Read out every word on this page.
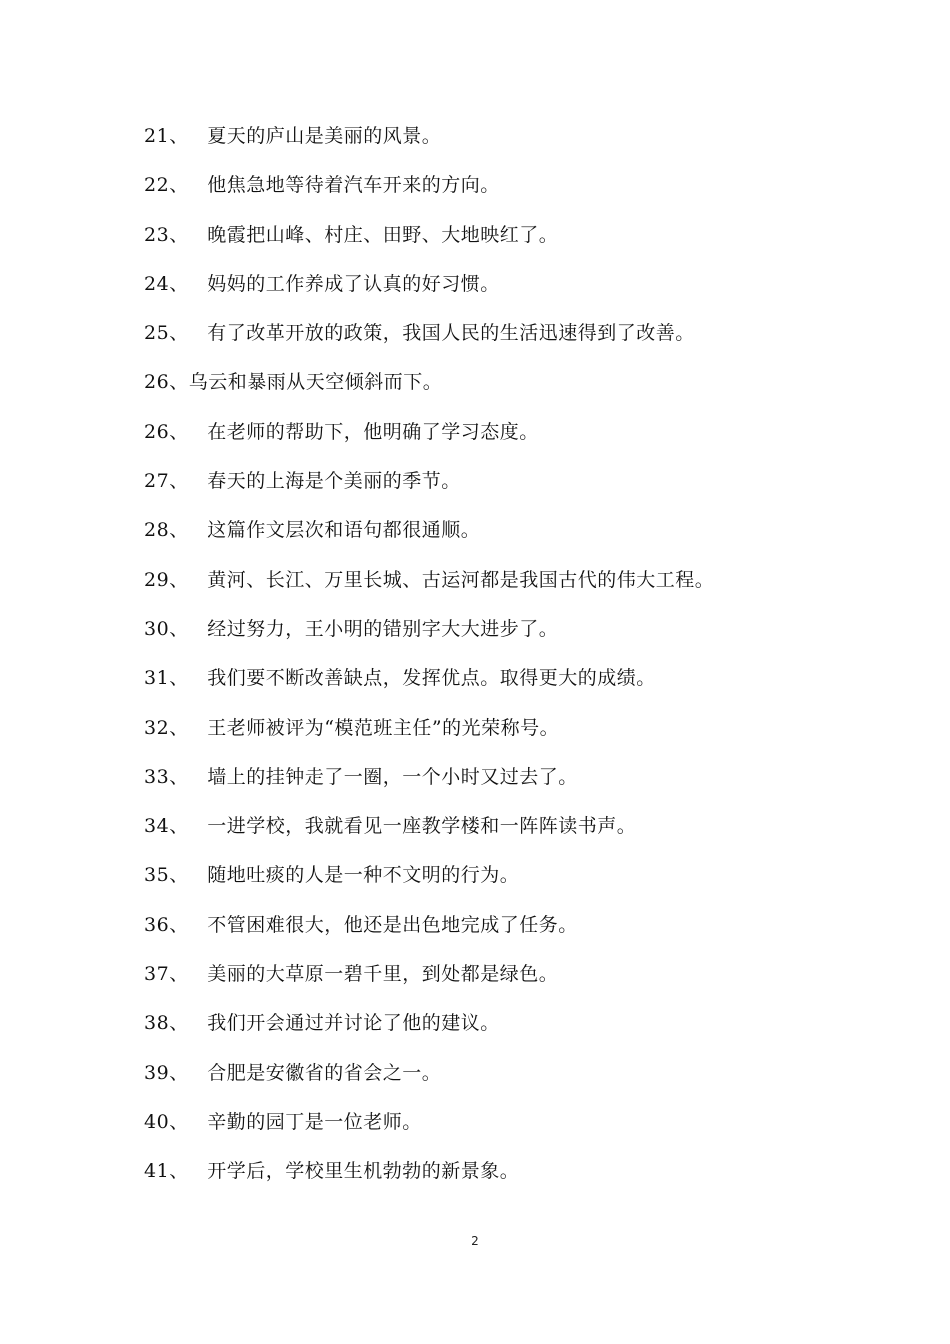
21、 夏天的庐山是美丽的风景。
22、 他焦急地等待着汽车开来的方向。
23、 晚霞把山峰、村庄、田野、大地映红了。
24、 妈妈的工作养成了认真的好习惯。
25、 有了改革开放的政策，我国人民的生活迅速得到了改善。
26、乌云和暴雨从天空倾斜而下。
26、 在老师的帮助下，他明确了学习态度。
27、 春天的上海是个美丽的季节。
28、 这篇作文层次和语句都很通顺。
29、 黄河、长江、万里长城、古运河都是我国古代的伟大工程。
30、 经过努力，王小明的错别字大大进步了。
31、 我们要不断改善缺点，发挥优点。取得更大的成绩。
32、 王老师被评为“模范班主任”的光荣称号。
33、 墙上的挂钟走了一圈，一个小时又过去了。
34、 一进学校，我就看见一座教学楼和一阵阵读书声。
35、 随地吐痰的人是一种不文明的行为。
36、 不管困难很大，他还是出色地完成了任务。
37、 美丽的大草原一碧千里，到处都是绿色。
38、 我们开会通过并讨论了他的建议。
39、 合肥是安徽省的省会之一。
40、 辛勤的园丁是一位老师。
41、 开学后，学校里生机勃勃的新景象。
2
